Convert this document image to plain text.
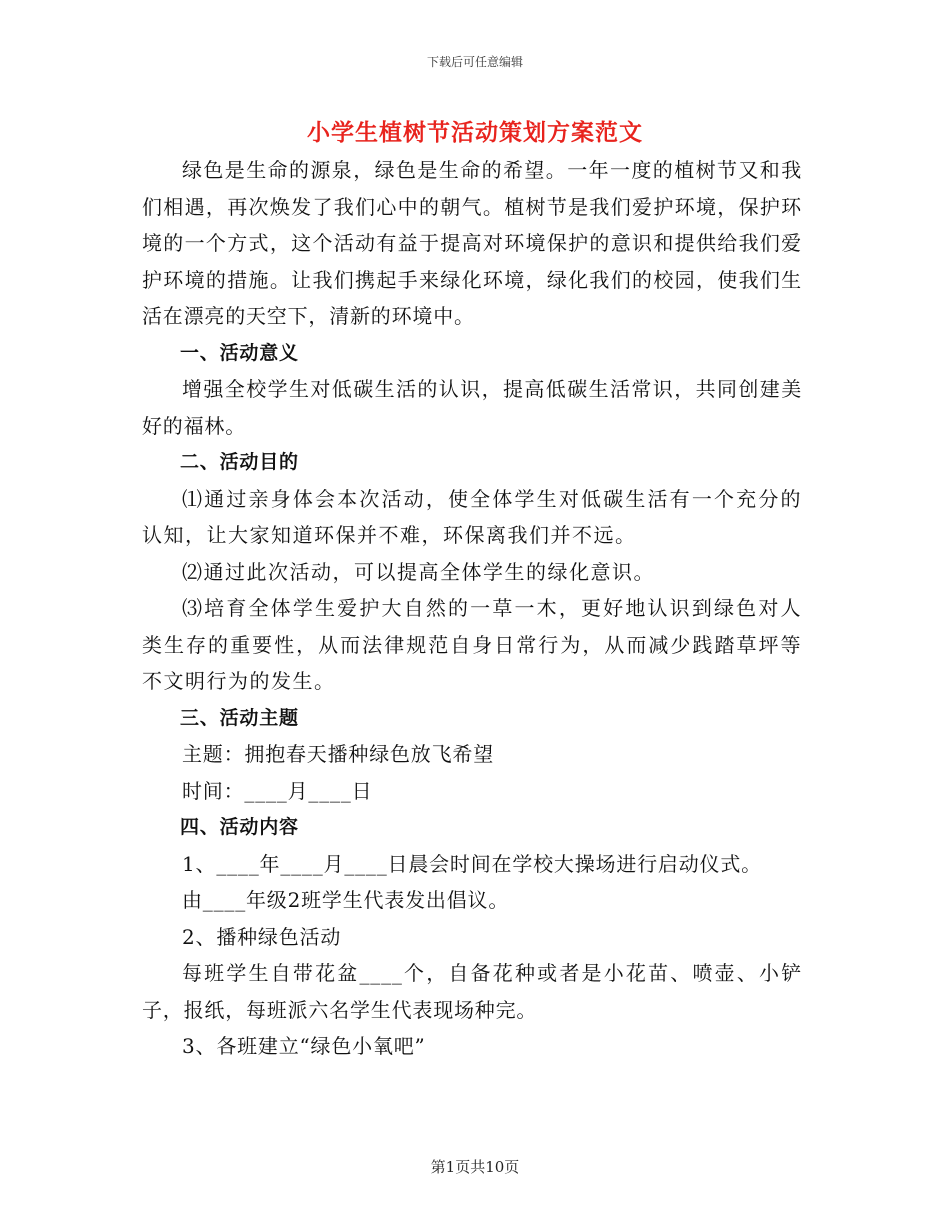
下载后可任意编辑
小学生植树节活动策划方案范文

绿色是生命的源泉，绿色是生命的希望。一年一度的植树节又和我们相遇，再次焕发了我们心中的朝气。植树节是我们爱护环境，保护环境的一个方式，这个活动有益于提高对环境保护的意识和提供给我们爱护环境的措施。让我们携起手来绿化环境，绿化我们的校园，使我们生活在漂亮的天空下，清新的环境中。

一、活动意义

增强全校学生对低碳生活的认识，提高低碳生活常识，共同创建美好的福林。

二、活动目的

⑴通过亲身体会本次活动，使全体学生对低碳生活有一个充分的认知，让大家知道环保并不难，环保离我们并不远。

⑵通过此次活动，可以提高全体学生的绿化意识。

⑶培育全体学生爱护大自然的一草一木，更好地认识到绿色对人类生存的重要性，从而法律规范自身日常行为，从而减少践踏草坪等不文明行为的发生。

三、活动主题

主题：拥抱春天播种绿色放飞希望

时间：____月____日

四、活动内容

1、____年____月____日晨会时间在学校大操场进行启动仪式。

由____年级2班学生代表发出倡议。

2、播种绿色活动

每班学生自带花盆____个，自备花种或者是小花苗、喷壶、小铲子，报纸，每班派六名学生代表现场种完。

3、各班建立“绿色小氧吧”

第1页共10页
